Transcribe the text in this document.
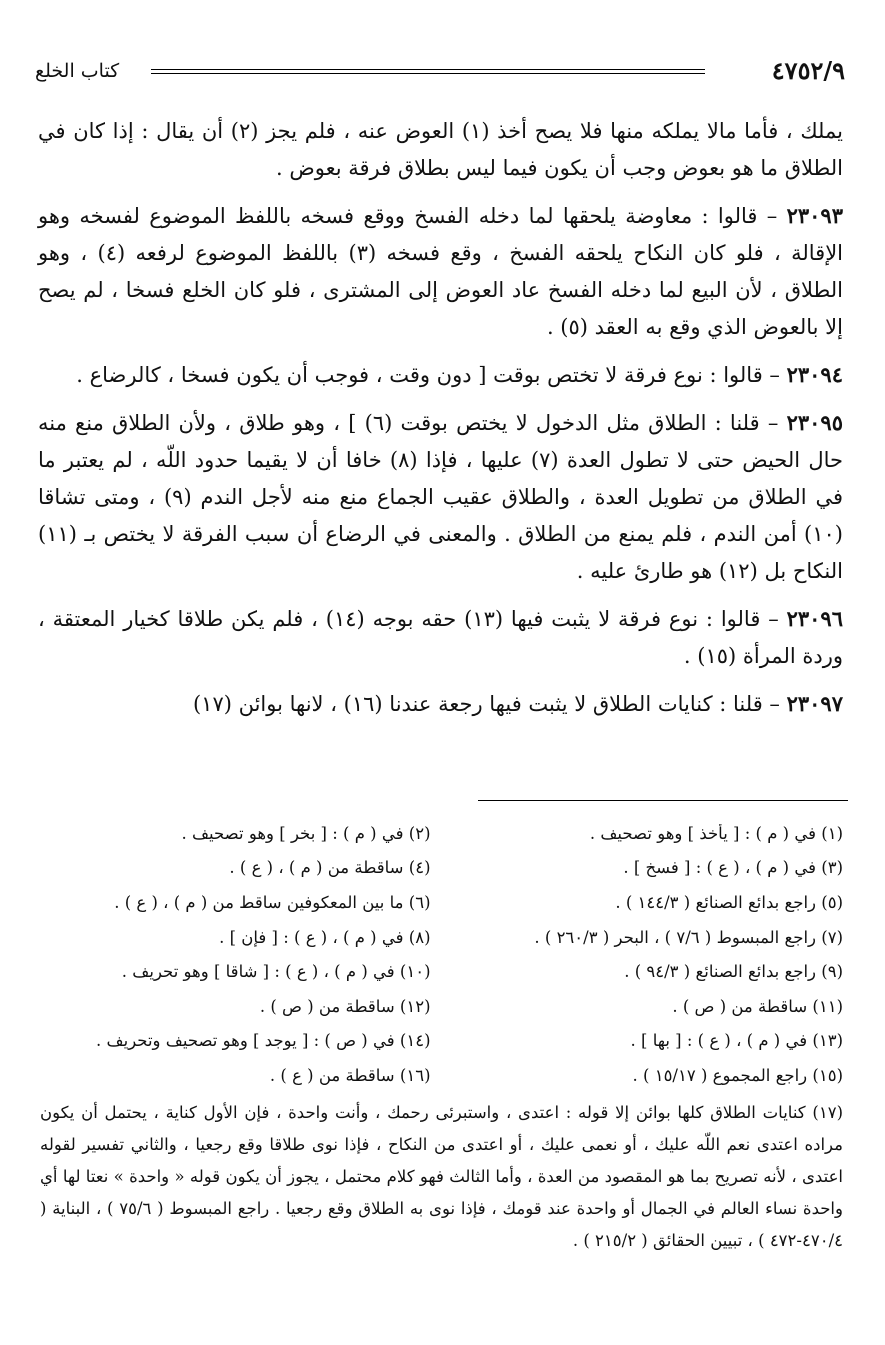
٤٧٥٢/٩
كتاب الخلع

يملك ، فأما مالا يملكه منها فلا يصح أخذ (١) العوض عنه ، فلم يجز (٢) أن يقال : إذا كان في الطلاق ما هو بعوض وجب أن يكون فيما ليس بطلاق فرقة بعوض .

٢٣٠٩٣ – قالوا : معاوضة يلحقها لما دخله الفسخ ووقع فسخه باللفظ الموضوع لفسخه وهو الإقالة ، فلو كان النكاح يلحقه الفسخ ، وقع فسخه (٣) باللفظ الموضوع لرفعه (٤) ، وهو الطلاق ، لأن البيع لما دخله الفسخ عاد العوض إلى المشترى ، فلو كان الخلع فسخا ، لم يصح إلا بالعوض الذي وقع به العقد (٥) .

٢٣٠٩٤ – قالوا : نوع فرقة لا تختص بوقت [ دون وقت ، فوجب أن يكون فسخا ، كالرضاع .

٢٣٠٩٥ – قلنا : الطلاق مثل الدخول لا يختص بوقت (٦) ] ، وهو طلاق ، ولأن الطلاق منع منه حال الحيض حتى لا تطول العدة (٧) عليها ، فإذا (٨) خافا أن لا يقيما حدود اللّه ، لم يعتبر ما في الطلاق من تطويل العدة ، والطلاق عقيب الجماع منع منه لأجل الندم (٩) ، ومتى تشاقا (١٠) أمن الندم ، فلم يمنع من الطلاق . والمعنى في الرضاع أن سبب الفرقة لا يختص بـ (١١) النكاح بل (١٢) هو طارئ عليه .

٢٣٠٩٦ – قالوا : نوع فرقة لا يثبت فيها (١٣) حقه بوجه (١٤) ، فلم يكن طلاقا كخيار المعتقة ، وردة المرأة (١٥) .

٢٣٠٩٧ – قلنا : كنايات الطلاق لا يثبت فيها رجعة عندنا (١٦) ، لانها بوائن (١٧)

(١) في ( م ) : [ يأخذ ] وهو تصحيف .
(٢) في ( م ) : [ بخر ] وهو تصحيف .
(٣) في ( م ) ، ( ع ) : [ فسخ ] .
(٤) ساقطة من ( م ) ، ( ع ) .
(٥) راجع بدائع الصنائع ( ١٤٤/٣ ) .
(٦) ما بين المعكوفين ساقط من ( م ) ، ( ع ) .
(٧) راجع المبسوط ( ٧/٦ ) ، البحر ( ٢٦٠/٣ ) .
(٨) في ( م ) ، ( ع ) : [ فإن ] .
(٩) راجع بدائع الصنائع ( ٩٤/٣ ) .
(١٠) في ( م ) ، ( ع ) : [ شاقا ] وهو تحريف .
(١١) ساقطة من ( ص ) .
(١٢) ساقطة من ( ص ) .
(١٣) في ( م ) ، ( ع ) : [ بها ] .
(١٤) في ( ص ) : [ يوجد ] وهو تصحيف وتحريف .
(١٥) راجع المجموع ( ١٥/١٧ ) .
(١٦) ساقطة من ( ع ) .

(١٧) كنايات الطلاق كلها بوائن إلا قوله : اعتدى ، واستبرئى رحمك ، وأنت واحدة ، فإن الأول كناية ، يحتمل أن يكون مراده اعتدى نعم اللّه عليك ، أو نعمى عليك ، أو اعتدى من النكاح ، فإذا نوى طلاقا وقع رجعيا ، والثاني تفسير لقوله اعتدى ، لأنه تصريح بما هو المقصود من العدة ، وأما الثالث فهو كلام محتمل ، يجوز أن يكون قوله « واحدة » نعتا لها أي واحدة نساء العالم في الجمال أو واحدة عند قومك ، فإذا نوى به الطلاق وقع رجعيا . راجع المبسوط ( ٧٥/٦ ) ، البناية ( ٤٧٠/٤-٤٧٢ ) ، تبيين الحقائق ( ٢١٥/٢ ) .
